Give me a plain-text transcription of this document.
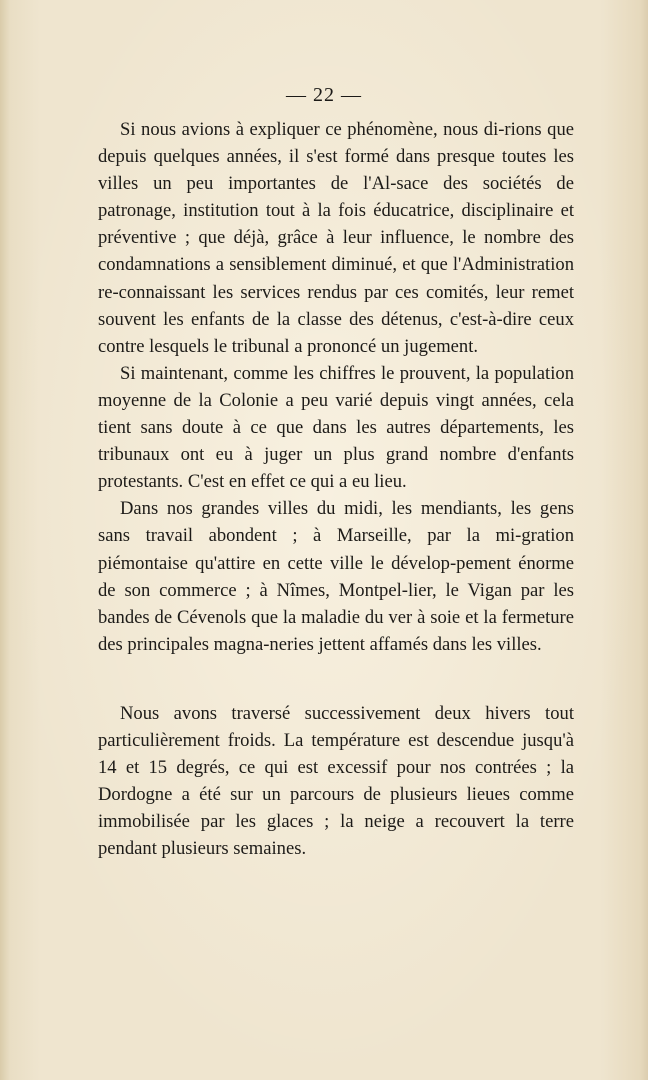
— 22 —

Si nous avions à expliquer ce phénomène, nous di-rions que depuis quelques années, il s'est formé dans presque toutes les villes un peu importantes de l'Al-sace des sociétés de patronage, institution tout à la fois éducatrice, disciplinaire et préventive ; que déjà, grâce à leur influence, le nombre des condamnations a sensiblement diminué, et que l'Administration re-connaissant les services rendus par ces comités, leur remet souvent les enfants de la classe des détenus, c'est-à-dire ceux contre lesquels le tribunal a prononcé un jugement.

Si maintenant, comme les chiffres le prouvent, la population moyenne de la Colonie a peu varié depuis vingt années, cela tient sans doute à ce que dans les autres départements, les tribunaux ont eu à juger un plus grand nombre d'enfants protestants. C'est en effet ce qui a eu lieu.

Dans nos grandes villes du midi, les mendiants, les gens sans travail abondent ; à Marseille, par la mi-gration piémontaise qu'attire en cette ville le dévelop-pement énorme de son commerce ; à Nîmes, Montpel-lier, le Vigan par les bandes de Cévenols que la maladie du ver à soie et la fermeture des principales magna-neries jettent affamés dans les villes.

Nous avons traversé successivement deux hivers tout particulièrement froids. La température est descendue jusqu'à 14 et 15 degrés, ce qui est excessif pour nos contrées ; la Dordogne a été sur un parcours de plusieurs lieues comme immobilisée par les glaces ; la neige a recouvert la terre pendant plusieurs semaines.
